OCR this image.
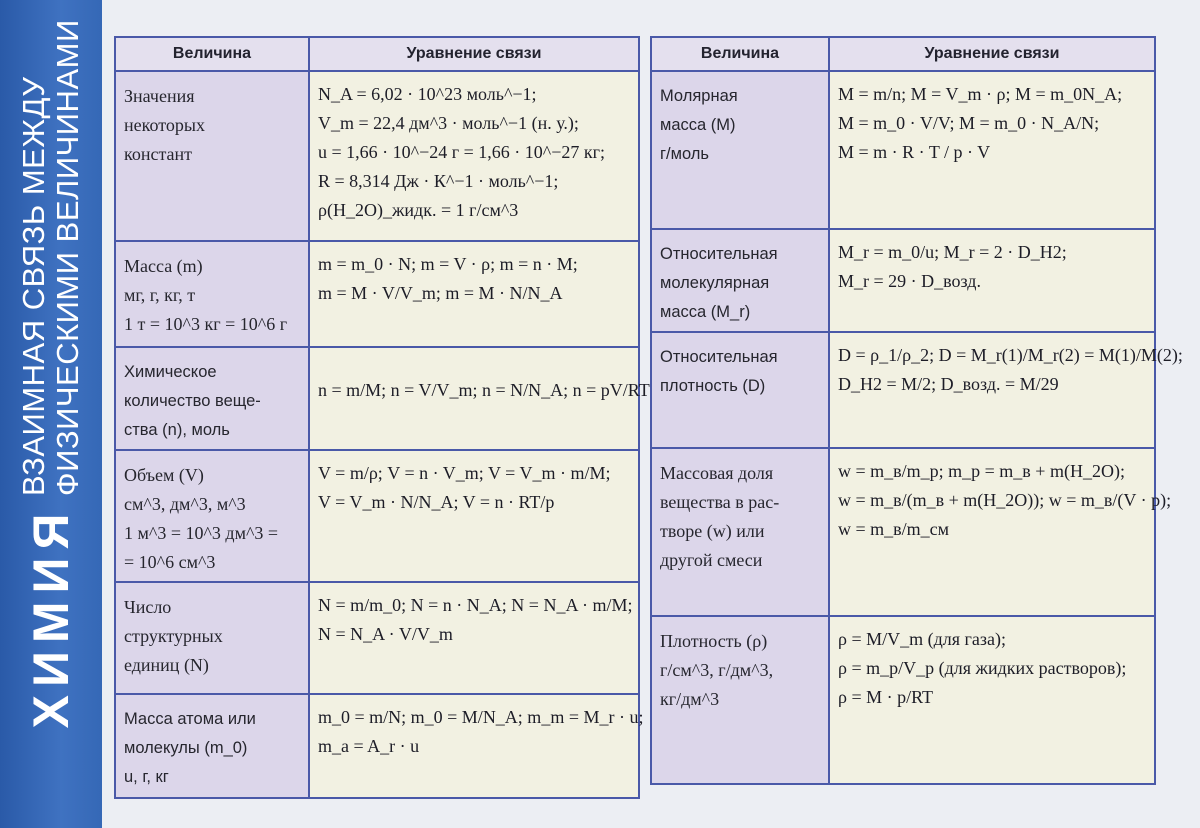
ХИМИЯ
ВЗАИМНАЯ СВЯЗЬ МЕЖДУ ФИЗИЧЕСКИМИ ВЕЛИЧИНАМИ	Величина	Уравнение связи

Значения
некоторых
констант	N_A = 6,02 · 10^23 моль^−1;
V_m = 22,4 дм^3 · моль^−1 (н. у.);
u = 1,66 · 10^−24 г = 1,66 · 10^−27 кг;
R = 8,314 Дж · К^−1 · моль^−1;
ρ(H_2O)_жидк. = 1 г/см^3

Масса (m)
мг, г, кг, т
1 т = 10^3 кг = 10^6 г	m = m_0 · N; m = V · ρ; m = n · M;
m = M · V/V_m; m = M · N/N_A

Химическое
количество веще-
ства (n), моль	n = m/M; n = V/V_m; n = N/N_A; n = pV/RT

Объем (V)
см^3, дм^3, м^3
1 м^3 = 10^3 дм^3 =
= 10^6 см^3	V = m/ρ; V = n · V_m; V = V_m · m/M;
V = V_m · N/N_A; V = n · RT/p

Число
структурных
единиц (N)	N = m/m_0; N = n · N_A; N = N_A · m/M;
N = N_A · V/V_m

Масса атома или
молекулы (m_0)
u, г, кг	m_0 = m/N; m_0 = M/N_A; m_m = M_r · u;
m_a = A_r · u
Величина	Уравнение связи

Молярная
масса (M)
г/моль	M = m/n; M = V_m · ρ; M = m_0N_A;
M = m_0 · V/V; M = m_0 · N_A/N;
M = m · R · T / p · V

Относительная
молекулярная
масса (M_r)	M_r = m_0/u; M_r = 2 · D_H2;
M_r = 29 · D_возд.

Относительная
плотность (D)	D = ρ_1/ρ_2; D = M_r(1)/M_r(2) = M(1)/M(2);
D_H2 = M/2; D_возд. = M/29

Массовая доля
вещества в рас-
творе (w) или
другой смеси	w = m_в/m_р; m_р = m_в + m(H_2O);
w = m_в/(m_в + m(H_2O)); w = m_в/(V · p);
w = m_в/m_см

Плотность (ρ)
г/см^3, г/дм^3,
кг/дм^3	ρ = M/V_m (для газа);
ρ = m_р/V_р (для жидких растворов);
ρ = M · p/RT
